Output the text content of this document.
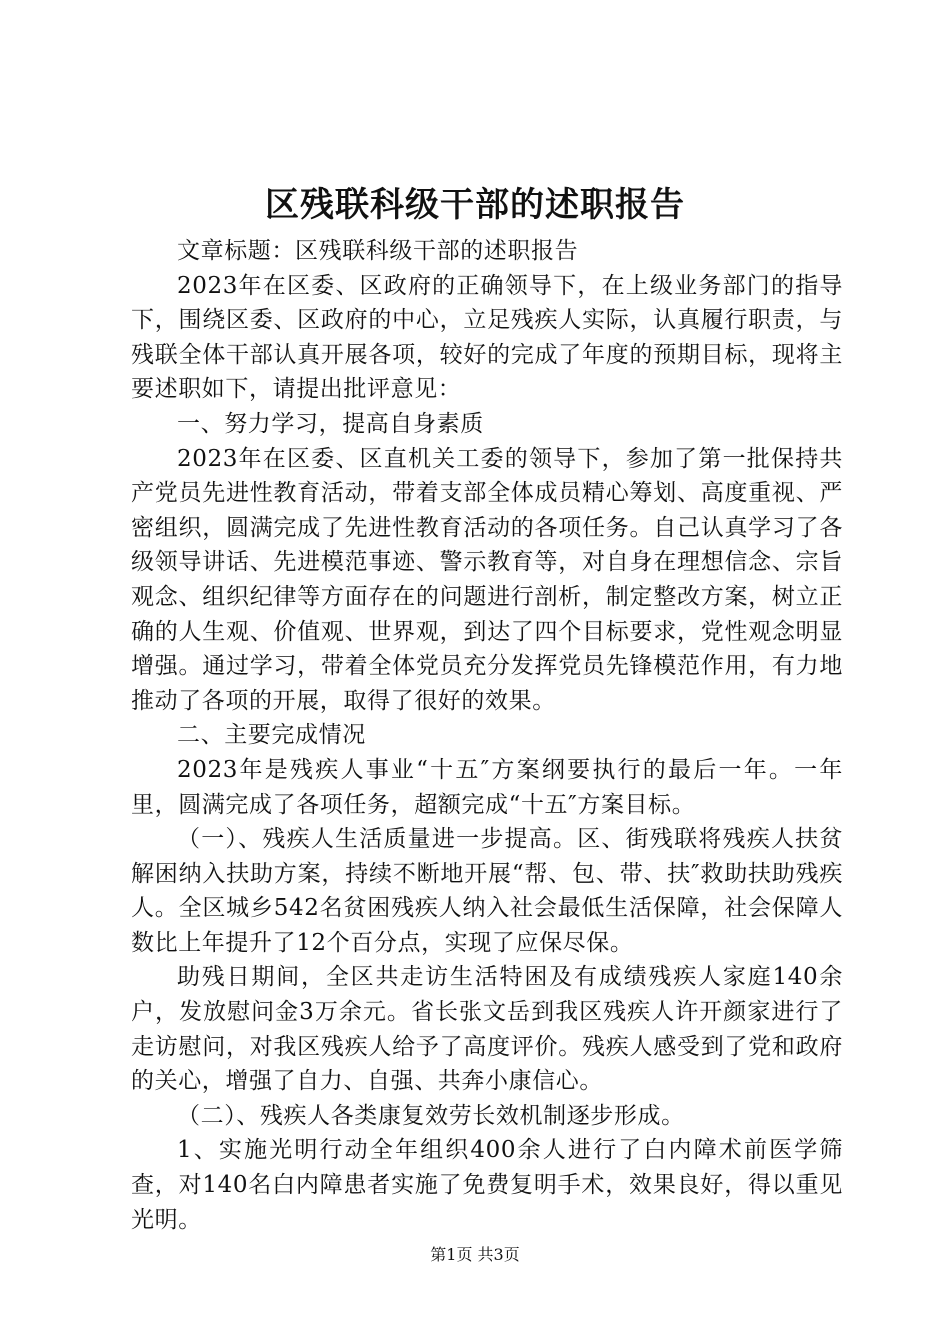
区残联科级干部的述职报告

文章标题：区残联科级干部的述职报告

2023年在区委、区政府的正确领导下，在上级业务部门的指导下，围绕区委、区政府的中心，立足残疾人实际，认真履行职责，与残联全体干部认真开展各项，较好的完成了年度的预期目标，现将主要述职如下，请提出批评意见：

一、努力学习，提高自身素质

2023年在区委、区直机关工委的领导下，参加了第一批保持共产党员先进性教育活动，带着支部全体成员精心筹划、高度重视、严密组织，圆满完成了先进性教育活动的各项任务。自己认真学习了各级领导讲话、先进模范事迹、警示教育等，对自身在理想信念、宗旨观念、组织纪律等方面存在的问题进行剖析，制定整改方案，树立正确的人生观、价值观、世界观，到达了四个目标要求，党性观念明显增强。通过学习，带着全体党员充分发挥党员先锋模范作用，有力地推动了各项的开展，取得了很好的效果。

二、主要完成情况

2023年是残疾人事业“十五″方案纲要执行的最后一年。一年里，圆满完成了各项任务，超额完成“十五″方案目标。

（一）、残疾人生活质量进一步提高。区、街残联将残疾人扶贫解困纳入扶助方案，持续不断地开展“帮、包、带、扶″救助扶助残疾人。全区城乡542名贫困残疾人纳入社会最低生活保障，社会保障人数比上年提升了12个百分点，实现了应保尽保。

助残日期间，全区共走访生活特困及有成绩残疾人家庭140余户，发放慰问金3万余元。省长张文岳到我区残疾人许开颜家进行了走访慰问，对我区残疾人给予了高度评价。残疾人感受到了党和政府的关心，增强了自力、自强、共奔小康信心。

（二）、残疾人各类康复效劳长效机制逐步形成。

1、实施光明行动全年组织400余人进行了白内障术前医学筛查，对140名白内障患者实施了免费复明手术，效果良好，得以重见光明。

第1页 共3页
